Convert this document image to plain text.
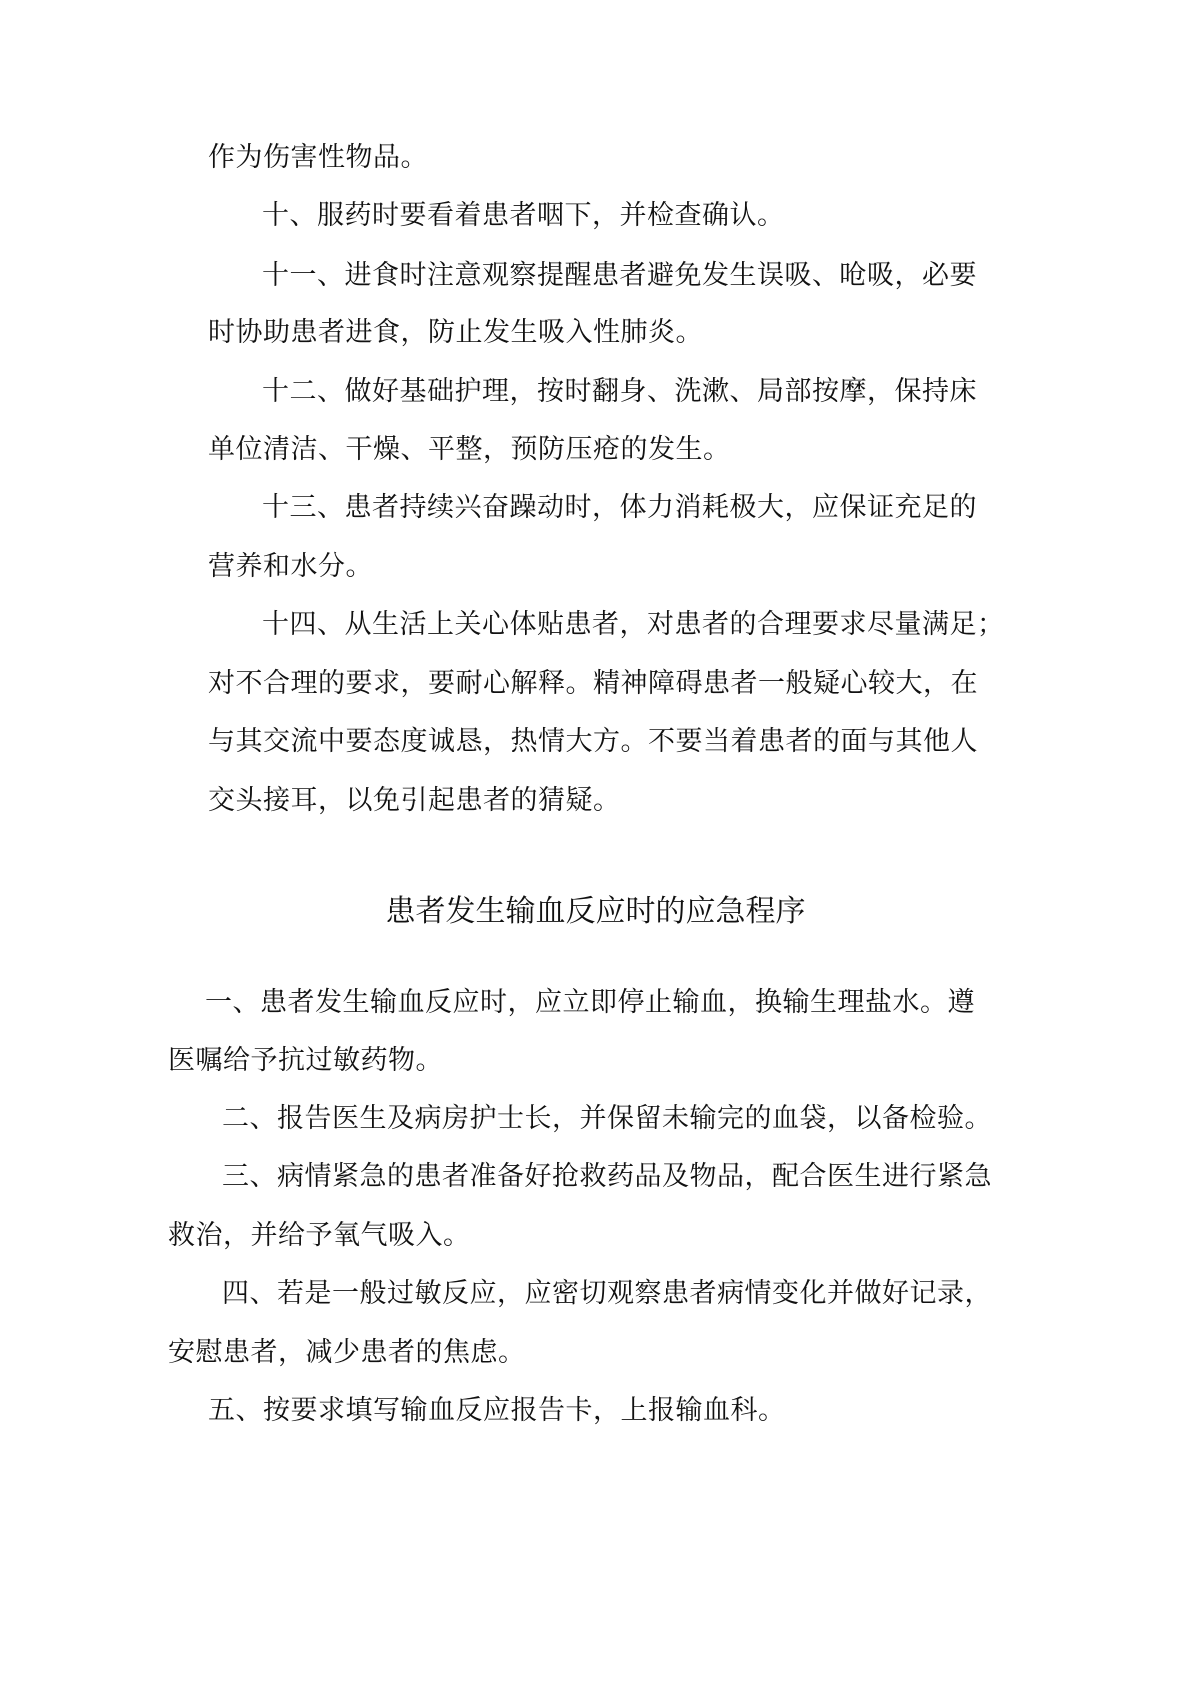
作为伤害性物品。
十、服药时要看着患者咽下，并检查确认。
十一、进食时注意观察提醒患者避免发生误吸、呛吸，必要
时协助患者进食，防止发生吸入性肺炎。
十二、做好基础护理，按时翻身、洗漱、局部按摩，保持床
单位清洁、干燥、平整，预防压疮的发生。
十三、患者持续兴奋躁动时，体力消耗极大，应保证充足的
营养和水分。
十四、从生活上关心体贴患者，对患者的合理要求尽量满足；
对不合理的要求，要耐心解释。精神障碍患者一般疑心较大，在
与其交流中要态度诚恳，热情大方。不要当着患者的面与其他人
交头接耳，以免引起患者的猜疑。
患者发生输血反应时的应急程序
一、患者发生输血反应时，应立即停止输血，换输生理盐水。遵
医嘱给予抗过敏药物。
二、报告医生及病房护士长，并保留未输完的血袋，以备检验。
三、病情紧急的患者准备好抢救药品及物品，配合医生进行紧急
救治，并给予氧气吸入。
四、若是一般过敏反应，应密切观察患者病情变化并做好记录，
安慰患者，减少患者的焦虑。
五、按要求填写输血反应报告卡，上报输血科。
